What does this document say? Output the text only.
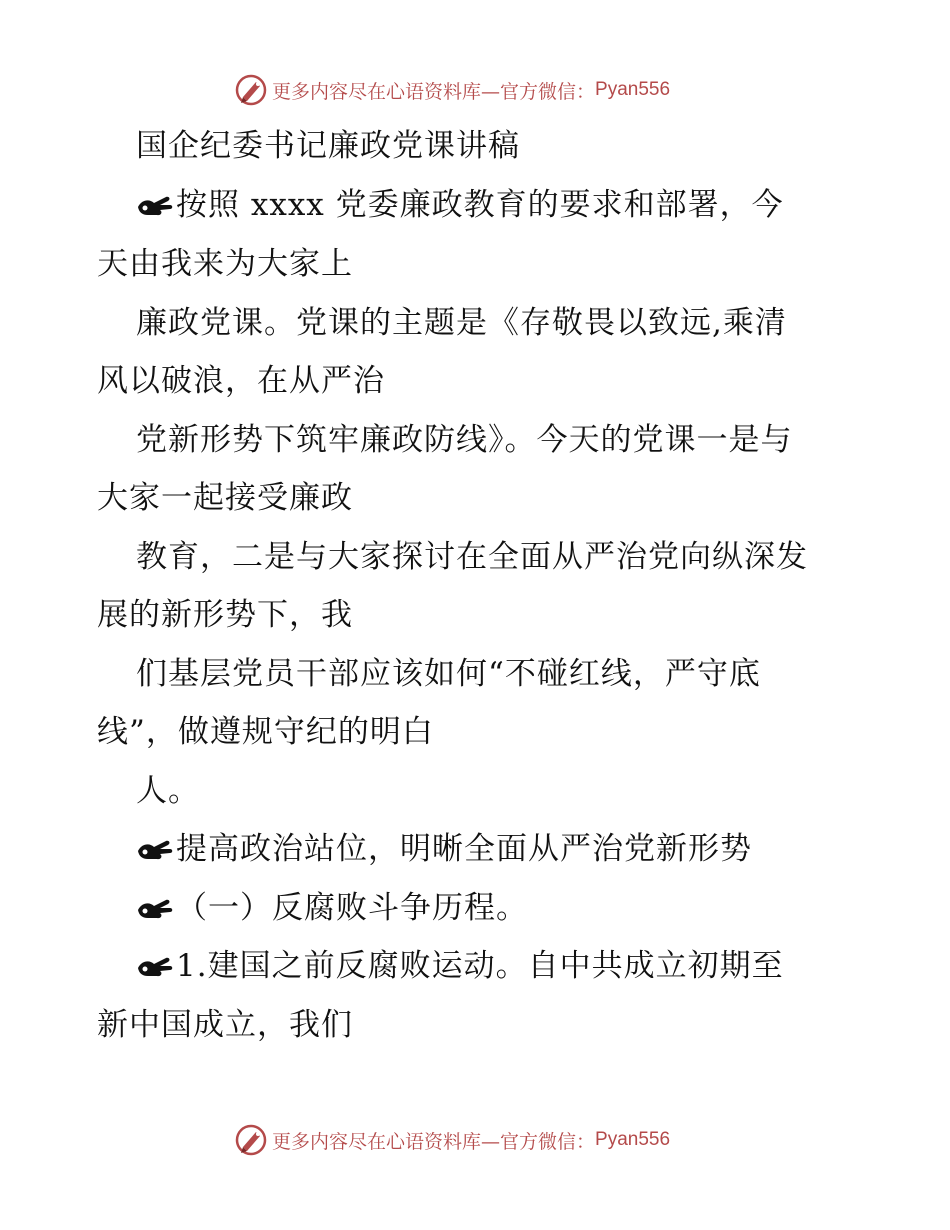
更多内容尽在心语资料库—官方微信： Pyan556
国企纪委书记廉政党课讲稿
按照 xxxx 党委廉政教育的要求和部署，今
天由我来为大家上
廉政党课。党课的主题是《存敬畏以致远,乘清
风以破浪，在从严治
党新形势下筑牢廉政防线》。今天的党课一是与
大家一起接受廉政
教育，二是与大家探讨在全面从严治党向纵深发
展的新形势下，我
们基层党员干部应该如何“不碰红线，严守底
线”，做遵规守纪的明白
人。
提高政治站位，明晰全面从严治党新形势
（一）反腐败斗争历程。
1.建国之前反腐败运动。自中共成立初期至
新中国成立，我们
更多内容尽在心语资料库—官方微信： Pyan556
